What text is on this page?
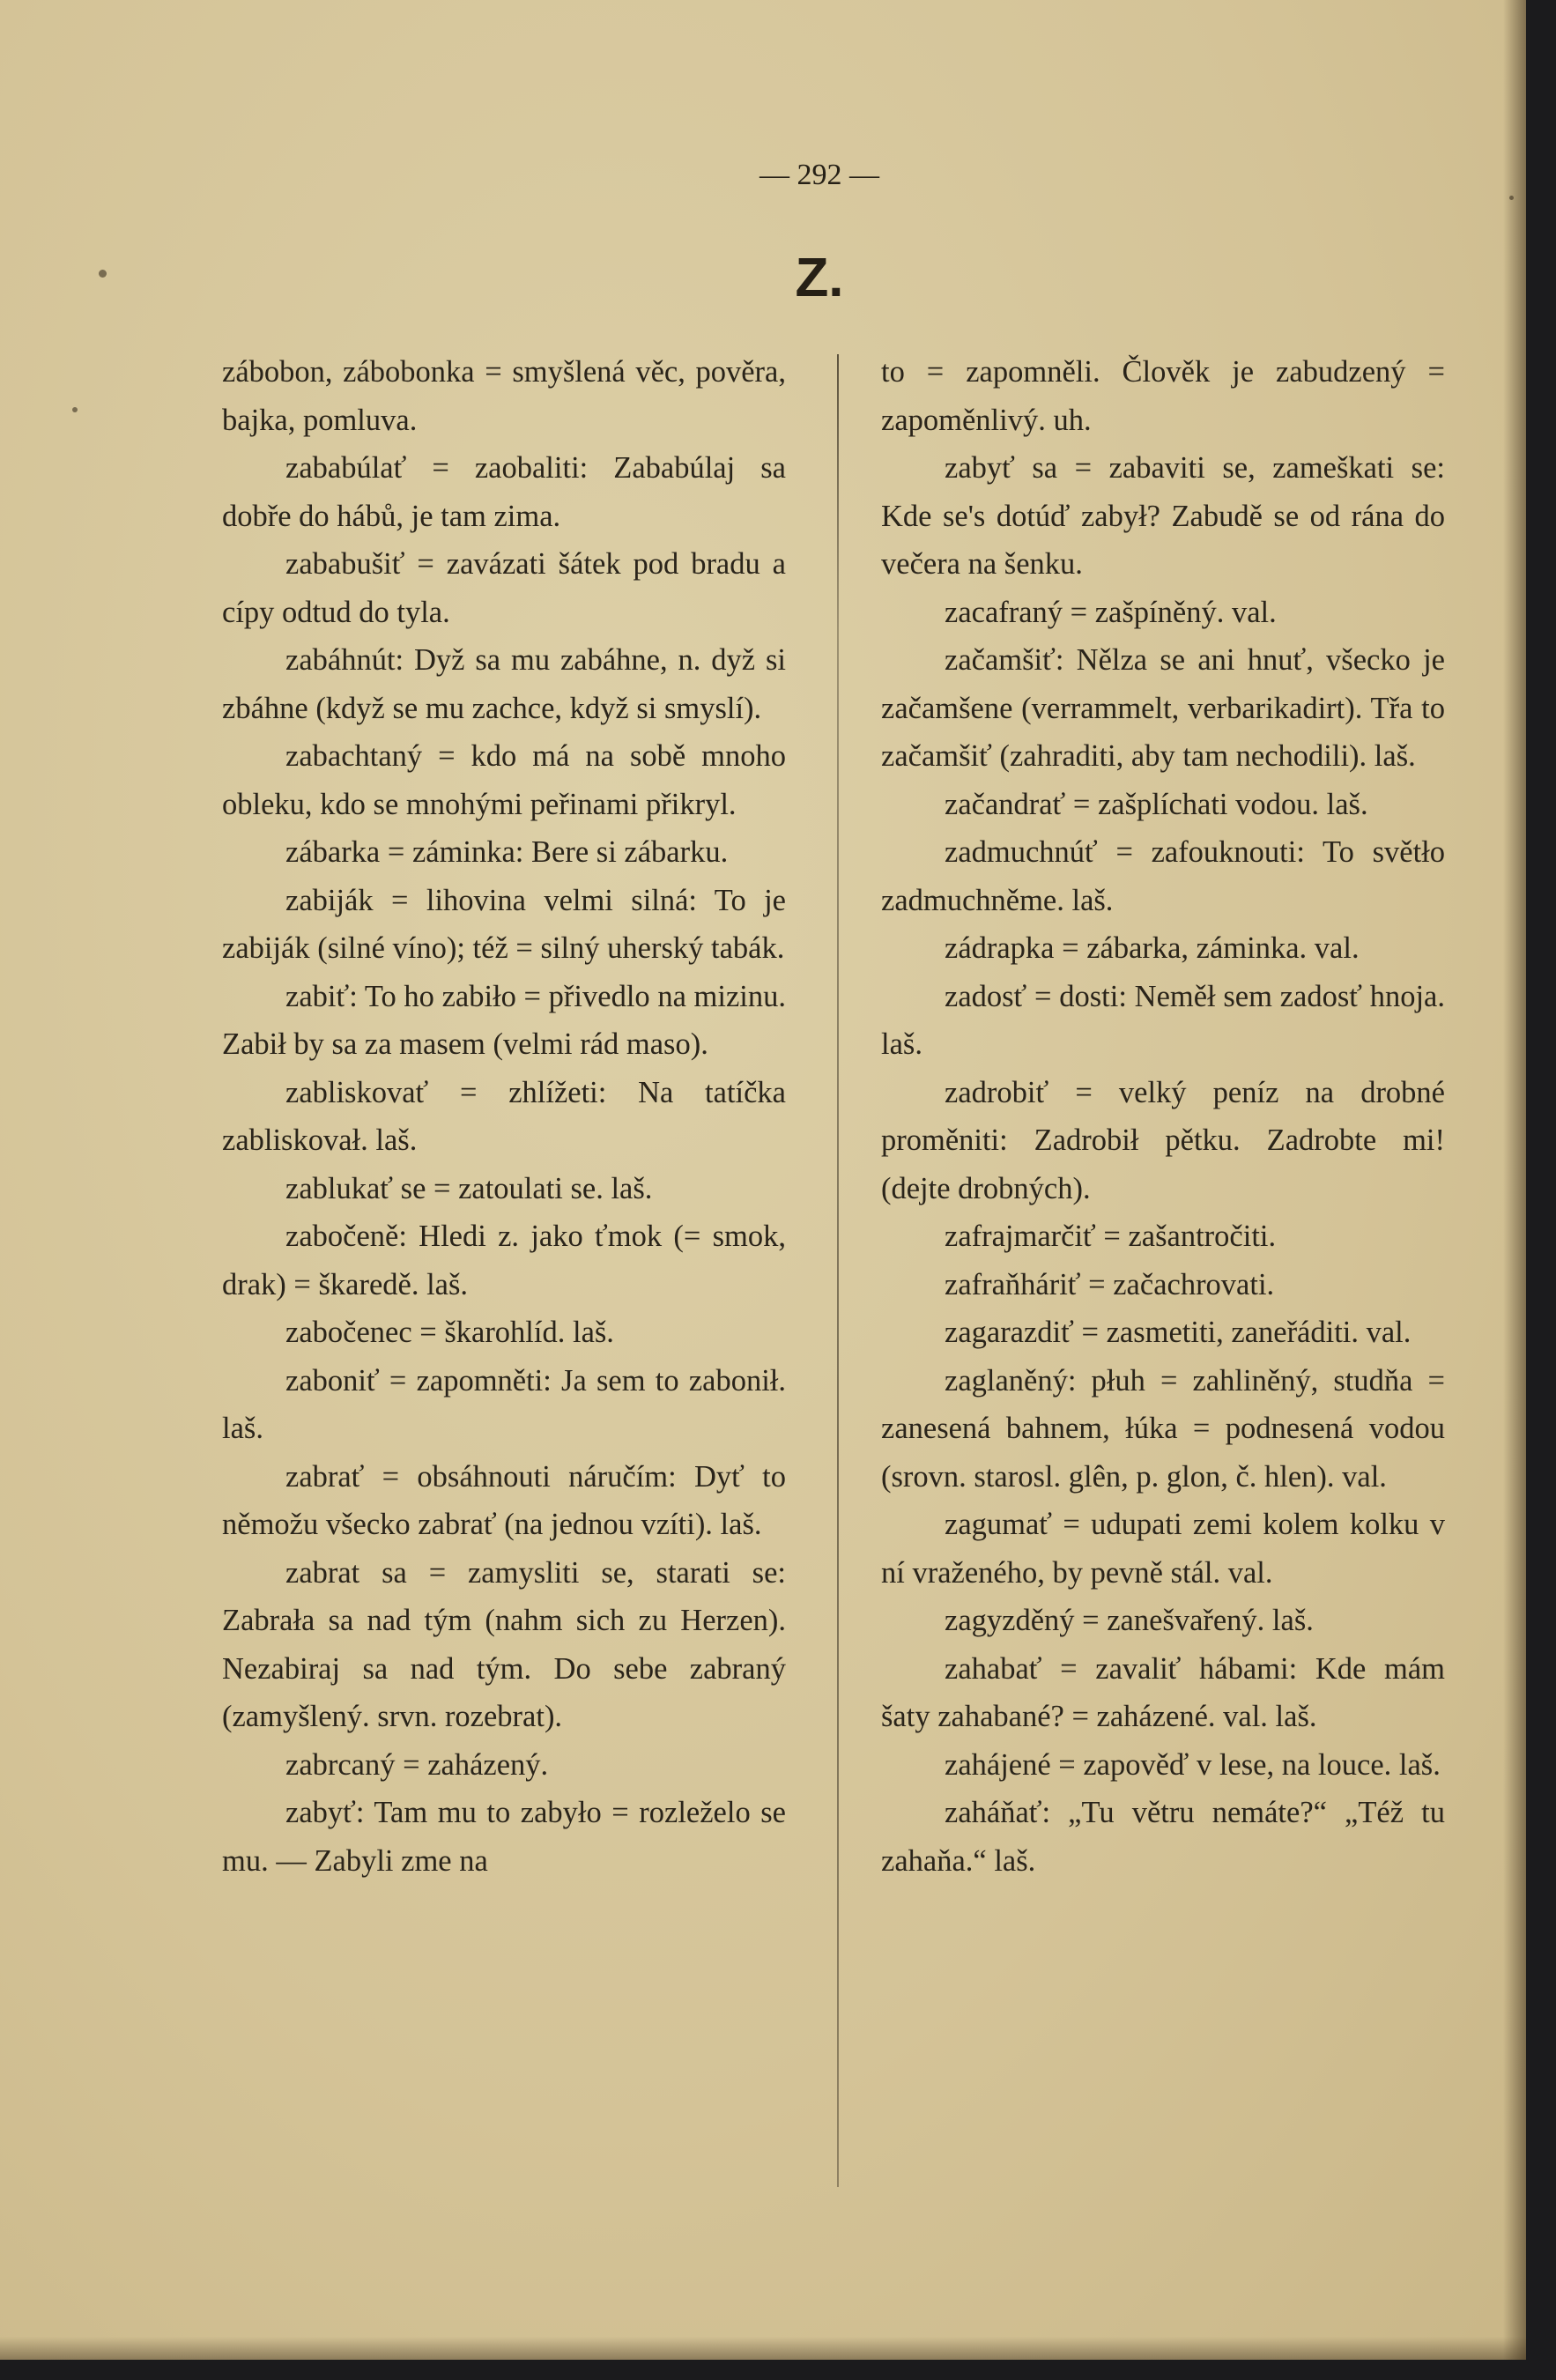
— 292 —
Z.

zábobon, zábobonka = smyšlená věc, pověra, bajka, pomluva.

zababúlať = zaobaliti: Zababúlaj sa dobře do hábů, je tam zima.

zababušiť = zavázati šátek pod bradu a cípy odtud do tyla.

zabáhnút: Dyž sa mu zabáhne, n. dyž si zbáhne (když se mu zachce, když si smyslí).

zabachtaný = kdo má na sobě mnoho obleku, kdo se mnohými peřinami přikryl.

zábarka = záminka: Bere si zábarku.

zabiják = lihovina velmi silná: To je zabiják (silné víno); též = silný uherský tabák.

zabiť: To ho zabiło = přivedlo na mizinu. Zabił by sa za masem (velmi rád maso).

zabliskovať = zhlížeti: Na tatíčka zabliskovał. laš.

zablukať se = zatoulati se. laš.

zabočeně: Hledi z. jako ťmok (= smok, drak) = škaredě. laš.

zabočenec = škarohlíd. laš.

zaboniť = zapomněti: Ja sem to zabonił. laš.

zabrať = obsáhnouti náručím: Dyť to němožu všecko zabrať (na jednou vzíti). laš.

zabrat sa = zamysliti se, starati se: Zabrała sa nad tým (nahm sich zu Herzen). Nezabiraj sa nad tým. Do sebe zabraný (zamyšlený. srvn. rozebrat).

zabrcaný = zaházený.

zabyť: Tam mu to zabyło = rozleželo se mu. — Zabyli zme na

to = zapomněli. Člověk je zabudzený = zapoměnlivý. uh.

zabyť sa = zabaviti se, zameškati se: Kde se's dotúď zabył? Zabudě se od rána do večera na šenku.

zacafraný = zašpíněný. val.

začamšiť: Nělza se ani hnuť, všecko je začamšene (verrammelt, verbarikadirt). Třa to začamšiť (zahraditi, aby tam nechodili). laš.

začandrať = zašplíchati vodou. laš.

zadmuchnúť = zafouknouti: To světło zadmuchněme. laš.

zádrapka = zábarka, záminka. val.

zadosť = dosti: Neměł sem zadosť hnoja. laš.

zadrobiť = velký peníz na drobné proměniti: Zadrobił pětku. Zadrobte mi! (dejte drobných).

zafrajmarčiť = zašantročiti.

zafraňháriť = začachrovati.

zagarazdiť = zasmetiti, zaneřáditi. val.

zaglaněný: płuh = zahliněný, studňa = zanesená bahnem, łúka = podnesená vodou (srovn. starosl. glên, p. glon, č. hlen). val.

zagumať = udupati zemi kolem kolku v ní vraženého, by pevně stál. val.

zagyzděný = zanešvařený. laš.

zahabať = zavaliť hábami: Kde mám šaty zahabané? = zaházené. val. laš.

zahájené = zapověď v lese, na louce. laš.

zaháňať: „Tu větru nemáte?“ „Též tu zahaňa.“ laš.
